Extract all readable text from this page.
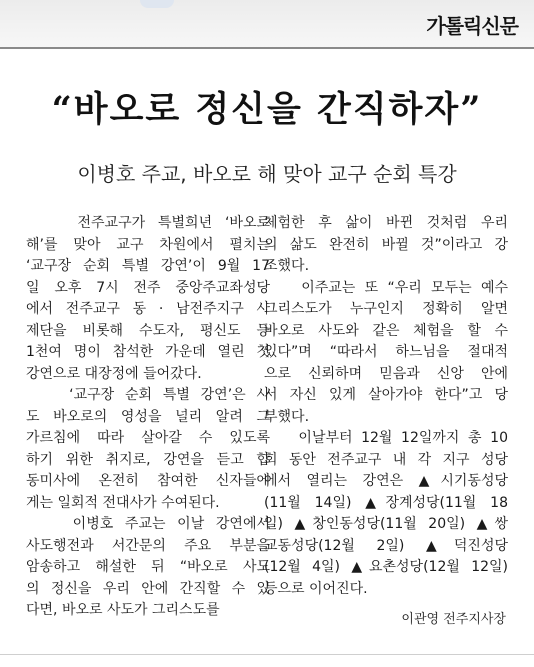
가톨릭신문
“바오로 정신을 간직하자”
이병호 주교, 바오로 해 맞아 교구 순회 특강
전주교구가 특별희년 ‘바오로
해’를 맞아 교구 차원에서 펼치는
‘교구장 순회 특별 강연’이 9월 17
일 오후 7시 전주 중앙주교좌성당
에서 전주교구 동 · 남전주지구 사
제단을 비롯해 수도자, 평신도 등
1천여 명이 참석한 가운데 열린 첫
강연으로 대장정에 들어갔다.
‘교구장 순회 특별 강연’은 사
도 바오로의 영성을 널리 알려 그
가르침에 따라 살아갈 수 있도록
하기 위한 취지로, 강연을 듣고 합
동미사에 온전히 참여한 신자들에
게는 일회적 전대사가 수여된다.
이병호 주교는 이날 강연에서
사도행전과 서간문의 주요 부분을
암송하고 해설한 뒤 “바오로 사도
의 정신을 우리 안에 간직할 수 있
다면, 바오로 사도가 그리스도를
체험한 후 삶이 바뀐 것처럼 우리
의 삶도 완전히 바뀔 것”이라고 강
조했다.
이주교는 또 “우리 모두는 예수
그리스도가 누구인지 정확히 알면
바오로 사도와 같은 체험을 할 수
있다”며 “따라서 하느님을 절대적
으로 신뢰하며 믿음과 신앙 안에
서 자신 있게 살아가야 한다”고 당
부했다.
이날부터 12월 12일까지 총 10
회 동안 전주교구 내 각 지구 성당
에서 열리는 강연은 ▲시기동성당
(11월 14일) ▲장계성당(11월 18
일) ▲창인동성당(11월 20일) ▲쌍
교동성당(12월 2일) ▲덕진성당
(12월 4일) ▲요촌성당(12월 12일)
등으로 이어진다.
이관영 전주지사장
